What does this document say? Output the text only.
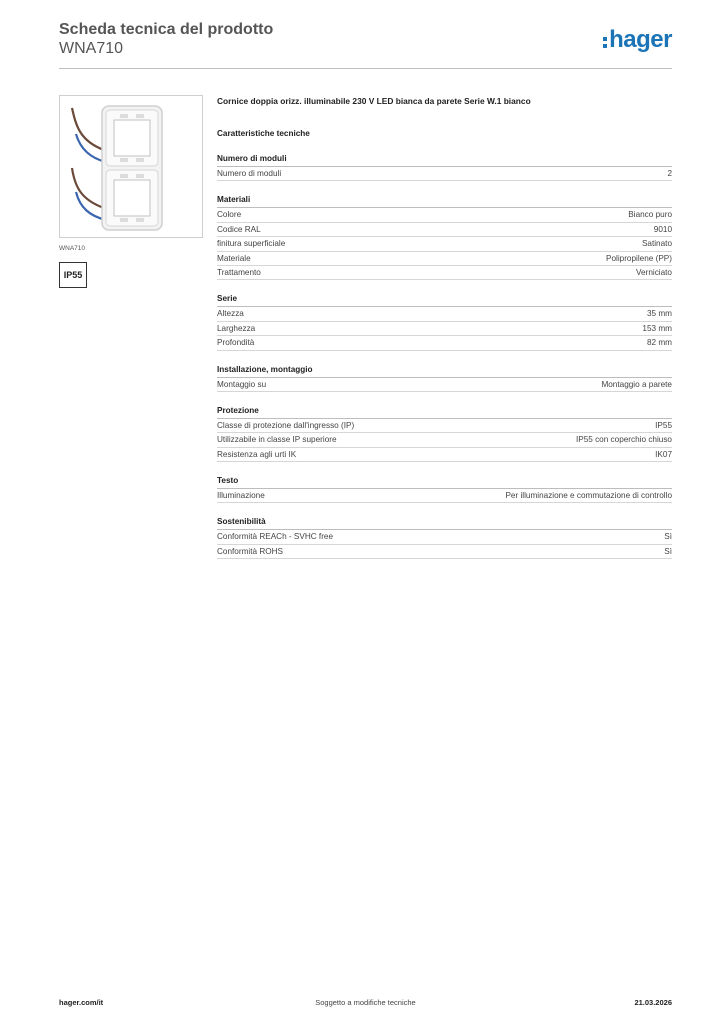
Scheda tecnica del prodotto
WNA710	hager
WNA710
IP55
Cornice doppia orizz. illuminabile 230 V LED bianca da parete Serie W.1 bianco
Caratteristiche tecniche
Numero di moduli
Numero di moduli	2
Materiali
Colore	Bianco puro
Codice RAL	9010
finitura superficiale	Satinato
Materiale	Polipropilene (PP)
Trattamento	Verniciato
Serie
Altezza	35 mm
Larghezza	153 mm
Profondità	82 mm
Installazione, montaggio
Montaggio su	Montaggio a parete
Protezione
Classe di protezione dall'ingresso (IP)	IP55
Utilizzabile in classe IP superiore	IP55 con coperchio chiuso
Resistenza agli urti IK	IK07
Testo
Illuminazione	Per illuminazione e commutazione di controllo
Sostenibilità
Conformità REACh - SVHC free	Sì
Conformità ROHS	Sì
hager.com/it	Soggetto a modifiche tecniche	21.03.2026
